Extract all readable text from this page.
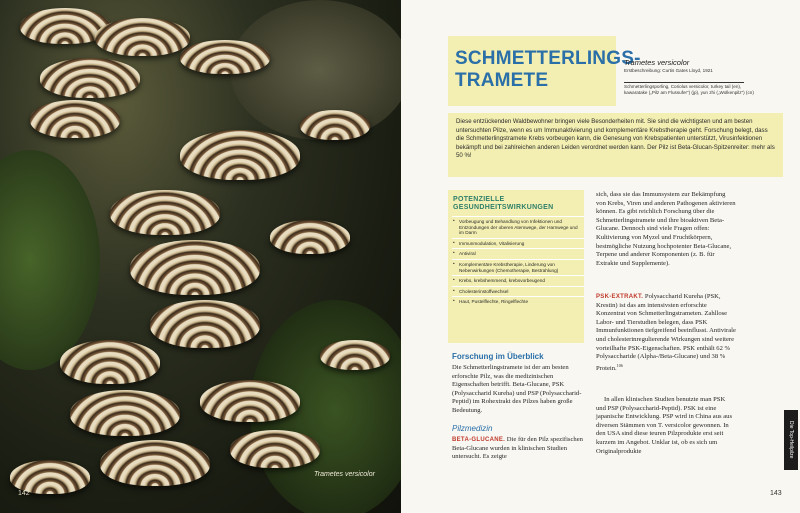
Trametes versicolor
142
SCHMETTERLINGS-
TRAMETE
Trametes versicolor
Erstbeschreibung: Curtis Gates Lloyd, 1921
Schmetterlingsporling, Coriolus versicolor, turkey tail (en), kawaratake („Pilz am Flussufer“) (jp), yun zhi („Wolkenpilz“) (cn)
Diese entzückenden Waldbewohner bringen viele Besonderheiten mit. Sie sind die wichtigsten und am besten untersuchten Pilze, wenn es um Immunaktivierung und komplementäre Krebstherapie geht. Forschung belegt, dass die Schmetterlingstramete Krebs vorbeugen kann, die Genesung von Krebspatienten unterstützt, Virusinfektionen bekämpft und bei zahlreichen anderen Leiden verordnet werden kann. Der Pilz ist Beta-Glucan-Spitzenreiter: mehr als 50 %!
POTENZIELLE GESUNDHEITSWIRKUNGEN
• Vorbeugung und Behandlung von Infektionen und Entzündungen der oberen Atemwege, der Harnwege und im Darm
• Immunmodulation, Vitalisierung
• Antiviral
• Komplementäre Krebstherapie, Linderung von Nebenwirkungen (Chemotherapie, Bestrahlung)
• Krebs, krebshemmend, krebsvorbeugend
• Cholesterinstoffwechsel
• Haut, Pustelflechte, Ringelflechte
Forschung im Überblick
Die Schmetterlingstramete ist der am besten erforschte Pilz, was die medizinischen Eigenschaften betrifft. Beta-Glucane, PSK (Polysaccharid Kureha) und PSP (Polysaccharid-Peptid) im Rohextrakt des Pilzes haben große Bedeutung.
Pilzmedizin
BETA-GLUCANE. Die für den Pilz spezifischen Beta-Glucane wurden in klinischen Studien untersucht. Es zeigte
sich, dass sie das Immunsystem zur Bekämpfung von Krebs, Viren und anderen Pathogenen aktivieren können. Es gibt reichlich Forschung über die Schmetterlingstramete und ihre bioaktiven Beta-Glucane. Dennoch sind viele Fragen offen: Kultivierung von Myzel und Fruchtkörpern, bestmögliche Nutzung hochpotenter Beta-Glucane, Terpene und anderer Komponenten (z. B. für Extrakte und Supplemente).
PSK-EXTRAKT. Polysaccharid Kureha (PSK, Krestin) ist das am intensivsten erforschte Konzentrat von Schmetterlingstrameten. Zahllose Labor- und Tierstudien belegen, dass PSK Immunfunktionen tiefgreifend beeinflusst. Antivirale und cholesterinregulierende Wirkungen sind weitere vorteilhafte PSK-Eigenschaften. PSK enthält 62 % Polysaccharide (Alpha-/Beta-Glucane) und 38 % Protein.$^{106}$
In allen klinischen Studien benutzte man PSK und PSP (Polysaccharid-Peptid). PSK ist eine japanische Entwicklung. PSP wird in China aus aus diversen Stämmen von T. versicolor gewonnen. In den USA sind diese teuren Pilzprodukte erst seit kurzem im Angebot. Unklar ist, ob es sich um Originalprodukte	Die Top-Heilpilze
143
